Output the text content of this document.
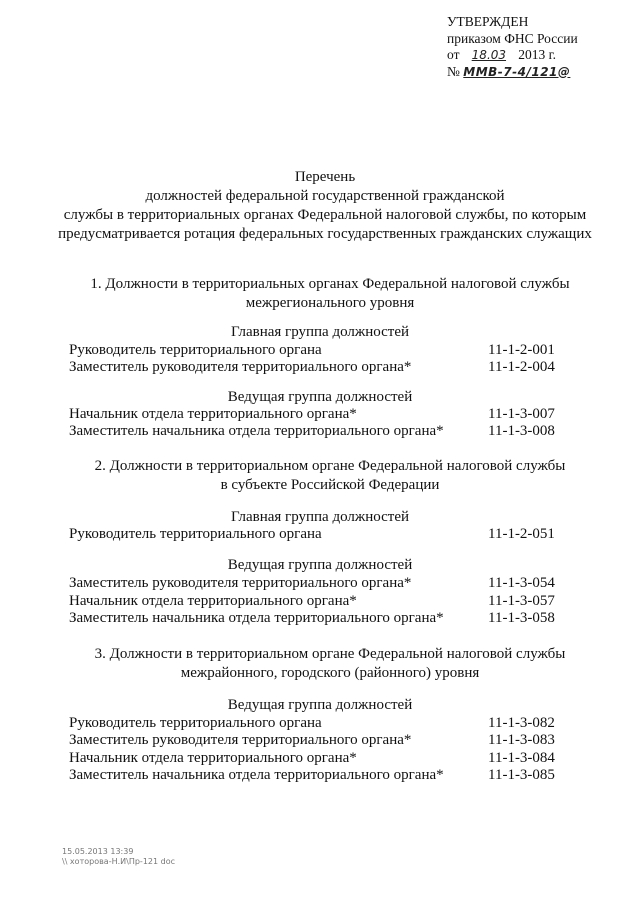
УТВЕРЖДЕН
приказом ФНС России
от 18.03 2013 г.
№ ММВ-7-4/121@
Перечень
должностей федеральной государственной гражданской
службы в территориальных органах Федеральной налоговой службы, по которым
предусматривается ротация федеральных государственных гражданских служащих
1. Должности в территориальных органах Федеральной налоговой службы
межрегионального уровня
Главная группа должностей
Руководитель территориального органа	11-1-2-001
Заместитель руководителя территориального органа*	11-1-2-004
Ведущая группа должностей
Начальник отдела территориального органа*	11-1-3-007
Заместитель начальника отдела территориального органа*	11-1-3-008
2. Должности в территориальном органе Федеральной налоговой службы
в субъекте Российской Федерации
Главная группа должностей
Руководитель территориального органа	11-1-2-051
Ведущая группа должностей
Заместитель руководителя территориального органа*	11-1-3-054
Начальник отдела территориального органа*	11-1-3-057
Заместитель начальника отдела территориального органа*	11-1-3-058
3. Должности в территориальном органе Федеральной налоговой службы
межрайонного, городского (районного) уровня
Ведущая группа должностей
Руководитель территориального органа	11-1-3-082
Заместитель руководителя территориального органа*	11-1-3-083
Начальник отдела территориального органа*	11-1-3-084
Заместитель начальника отдела территориального органа*	11-1-3-085
15.05.2013 13:39
\\ хоторова-Н.И\Пр-121 doc
